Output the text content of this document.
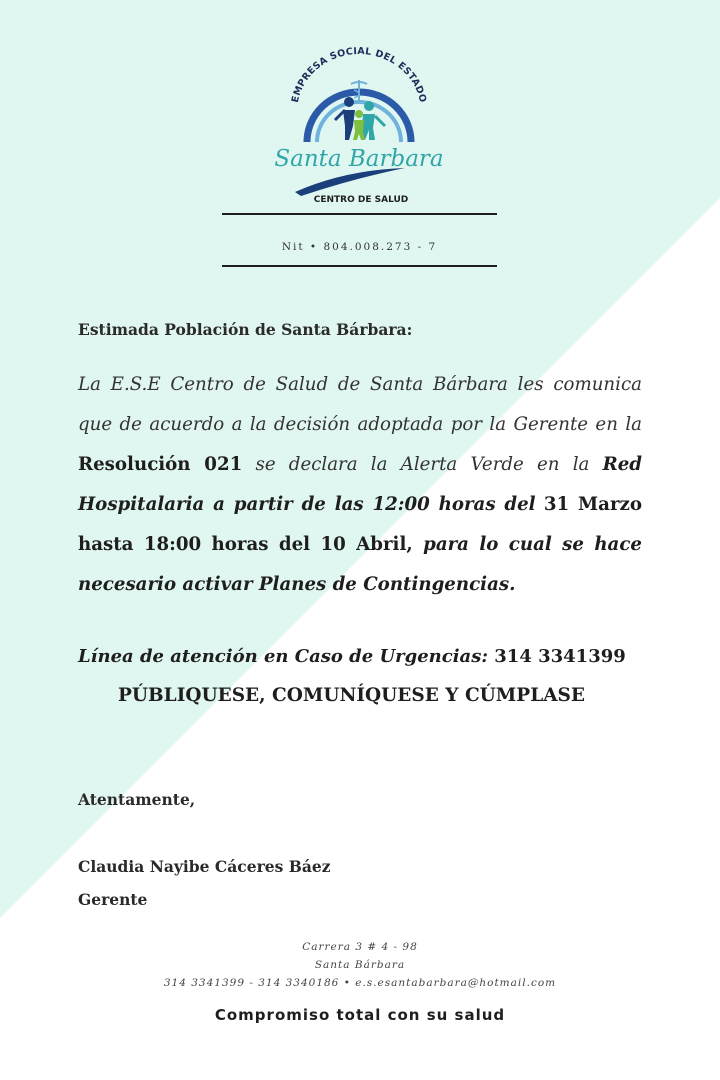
EMPRESA SOCIAL DEL ESTADO
Santa Barbara
CENTRO DE SALUD
Nit • 804.008.273 - 7
Estimada Población de Santa Bárbara:
La E.S.E Centro de Salud de Santa Bárbara les comunica que de acuerdo a la decisión adoptada por la Gerente en la Resolución 021 se declara la Alerta Verde en la Red Hospitalaria a partir de las 12:00 horas del 31 Marzo hasta 18:00 horas del 10 Abril, para lo cual se hace necesario activar Planes de Contingencias.
Línea de atención en Caso de Urgencias: 314 3341399
PÚBLIQUESE, COMUNÍQUESE Y CÚMPLASE
Atentamente,
Claudia Nayibe Cáceres Báez
Gerente
Carrera 3 # 4 - 98
Santa Bárbara
314 3341399 - 314 3340186 • e.s.esantabarbara@hotmail.com
Compromiso total con su salud
